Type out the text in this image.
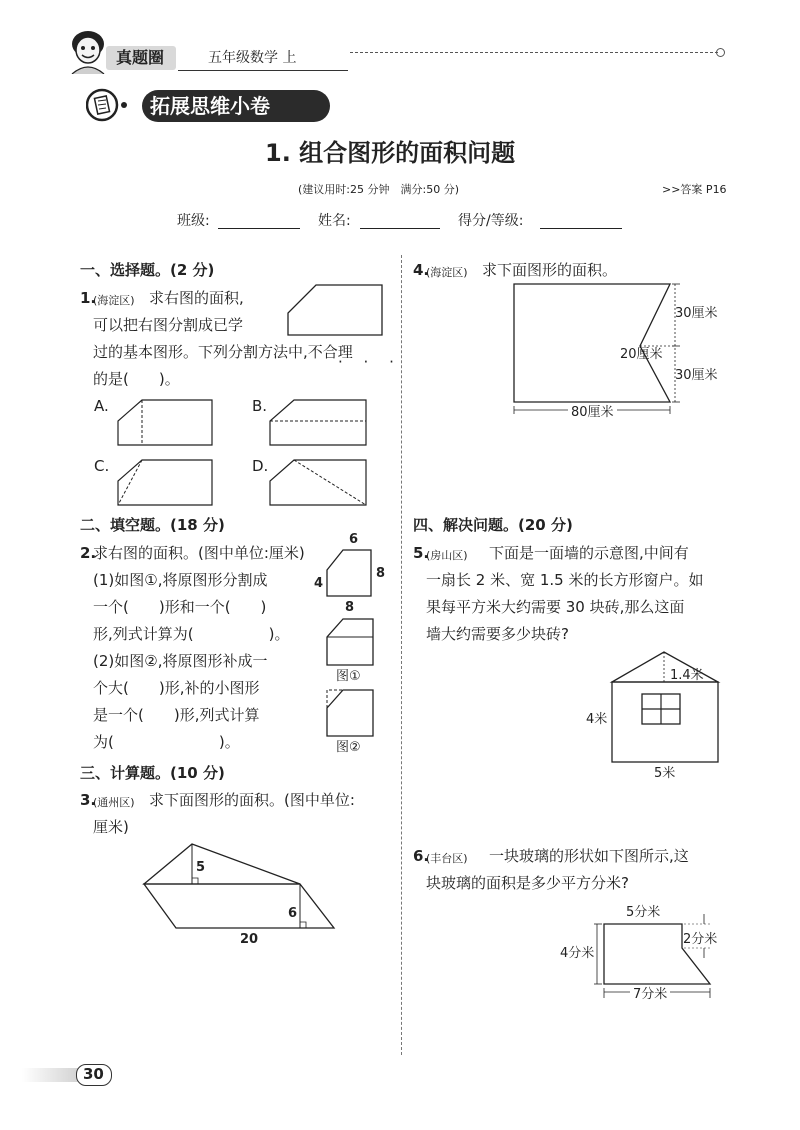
真题圈	五年级数学 上
拓展思维小卷
1. 组合图形的面积问题
(建议用时:25 分钟　满分:50 分)	>>答案 P16
班级:	姓名:	得分/等级:
一、选择题。(2 分)
1.
(海淀区) 求右图的面积,
可以把右图分割成已学
过的基本图形。下列分割方法中,不合理
· · ·
的是(　　)。
A.	B.
C.	D.
二、填空题。(18 分)
2.
求右图的面积。(图中单位:厘米)
(1)如图①,将原图形分割成
一个(　　)形和一个(　　)
形,列式计算为(　　　　　)。
(2)如图②,将原图形补成一
个大(　　)形,补的小图形
是一个(　　)形,列式计算
为(　　　　　　　)。
6
4
8
8
图①
图②
三、计算题。(10 分)
3.
(通州区) 求下面图形的面积。(图中单位:
厘米)
5
6
20
4.
(海淀区) 求下面图形的面积。
30厘米
20厘米
30厘米
80厘米
四、解决问题。(20 分)
5.
(房山区) 下面是一面墙的示意图,中间有
一扇长 2 米、宽 1.5 米的长方形窗户。如
果每平方米大约需要 30 块砖,那么这面
墙大约需要多少块砖?
1.4米
4米
5米
6.
(丰台区) 一块玻璃的形状如下图所示,这
块玻璃的面积是多少平方分米?
5分米
2分米
4分米
7分米
30
